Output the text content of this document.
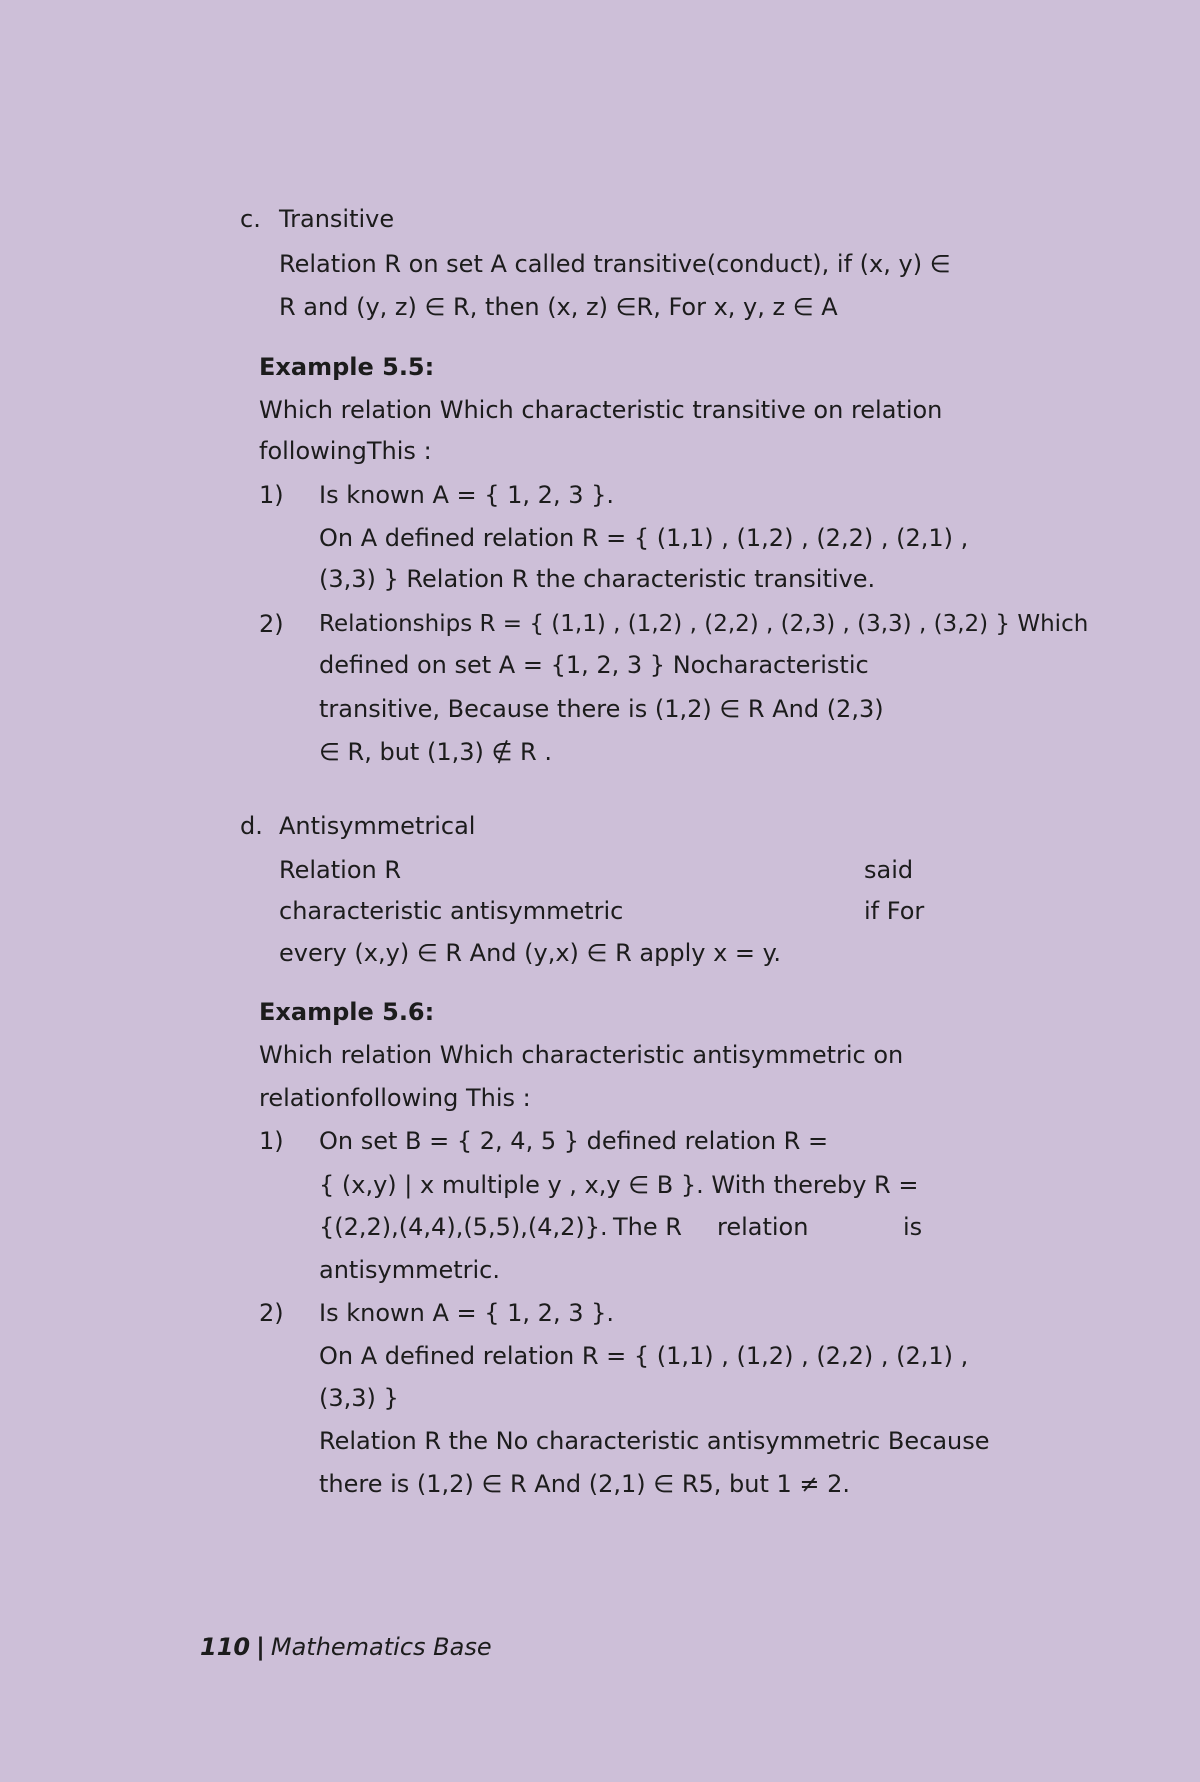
c. Transitive
Relation R on set A called transitive(conduct), if (x, y) ∈
R and (y, z) ∈ R, then (x, z) ∈R, For x, y, z ∈ A
Example 5.5:
Which relation Which characteristic transitive on relation
followingThis :
1) Is known A = { 1, 2, 3 }.
On A defined relation R = { (1,1) , (1,2) , (2,2) , (2,1) ,
(3,3) } Relation R the characteristic transitive.
2) Relationships R = { (1,1) , (1,2) , (2,2) , (2,3) , (3,3) , (3,2) } Which
defined on set A = {1, 2, 3 } Nocharacteristic
transitive, Because there is (1,2) ∈ R And (2,3)
∈ R, but (1,3) ∉ R .
d. Antisymmetrical
Relation R	said
characteristic antisymmetric	if For
every (x,y) ∈ R And (y,x) ∈ R apply x = y.
Example 5.6:
Which relation Which characteristic antisymmetric on
relationfollowing This :
1) On set B = { 2, 4, 5 } defined relation R =
{ (x,y) | x multiple y , x,y ∈ B }. With thereby R =
{(2,2),(4,4),(5,5),(4,2)}. The R relation	is
antisymmetric.
2) Is known A = { 1, 2, 3 }.
On A defined relation R = { (1,1) , (1,2) , (2,2) , (2,1) ,
(3,3) }
Relation R the No characteristic antisymmetric Because
there is (1,2) ∈ R And (2,1) ∈ R5, but 1 ≠ 2.
110 | Mathematics Base
